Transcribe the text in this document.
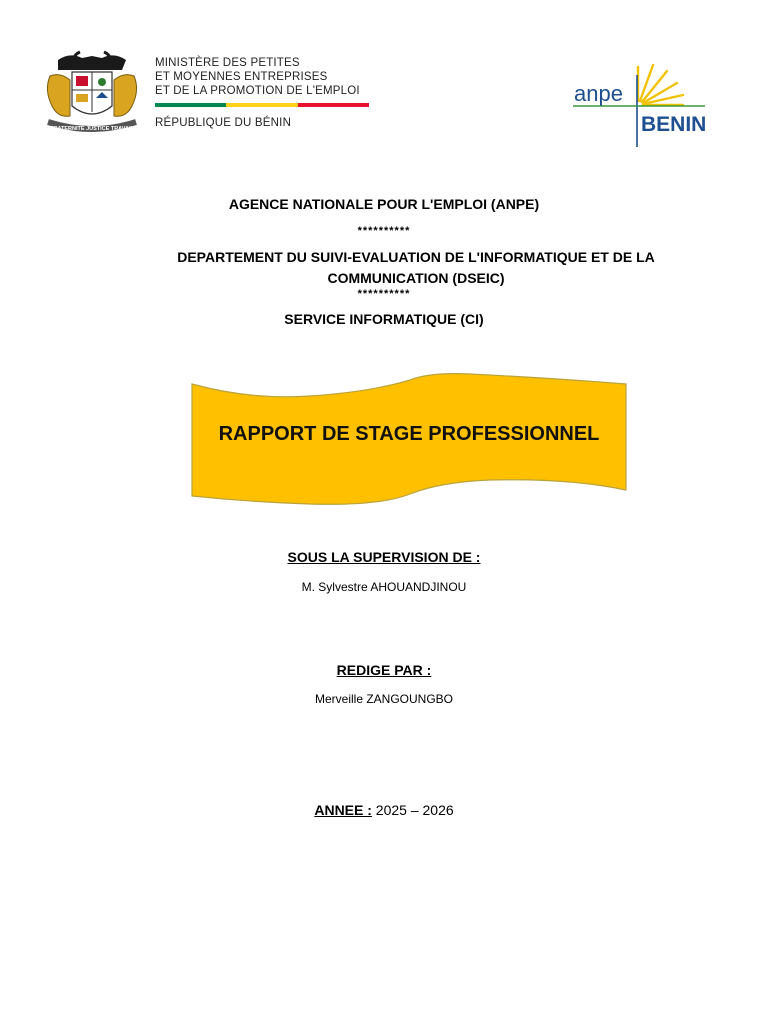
FRATERNITÉ JUSTICE TRAVAIL
MINISTÈRE DES PETITES
ET MOYENNES ENTREPRISES
ET DE LA PROMOTION DE L'EMPLOI
RÉPUBLIQUE DU BÉNIN
anpe
BENIN
AGENCE NATIONALE POUR L'EMPLOI (ANPE)
**********
DEPARTEMENT DU SUIVI-EVALUATION DE L'INFORMATIQUE ET DE LA COMMUNICATION (DSEIC)
**********
SERVICE INFORMATIQUE (CI)
RAPPORT DE STAGE PROFESSIONNEL
SOUS LA SUPERVISION DE :
M. Sylvestre AHOUANDJINOU
REDIGE PAR :
Merveille ZANGOUNGBO
ANNEE : 2025 – 2026
